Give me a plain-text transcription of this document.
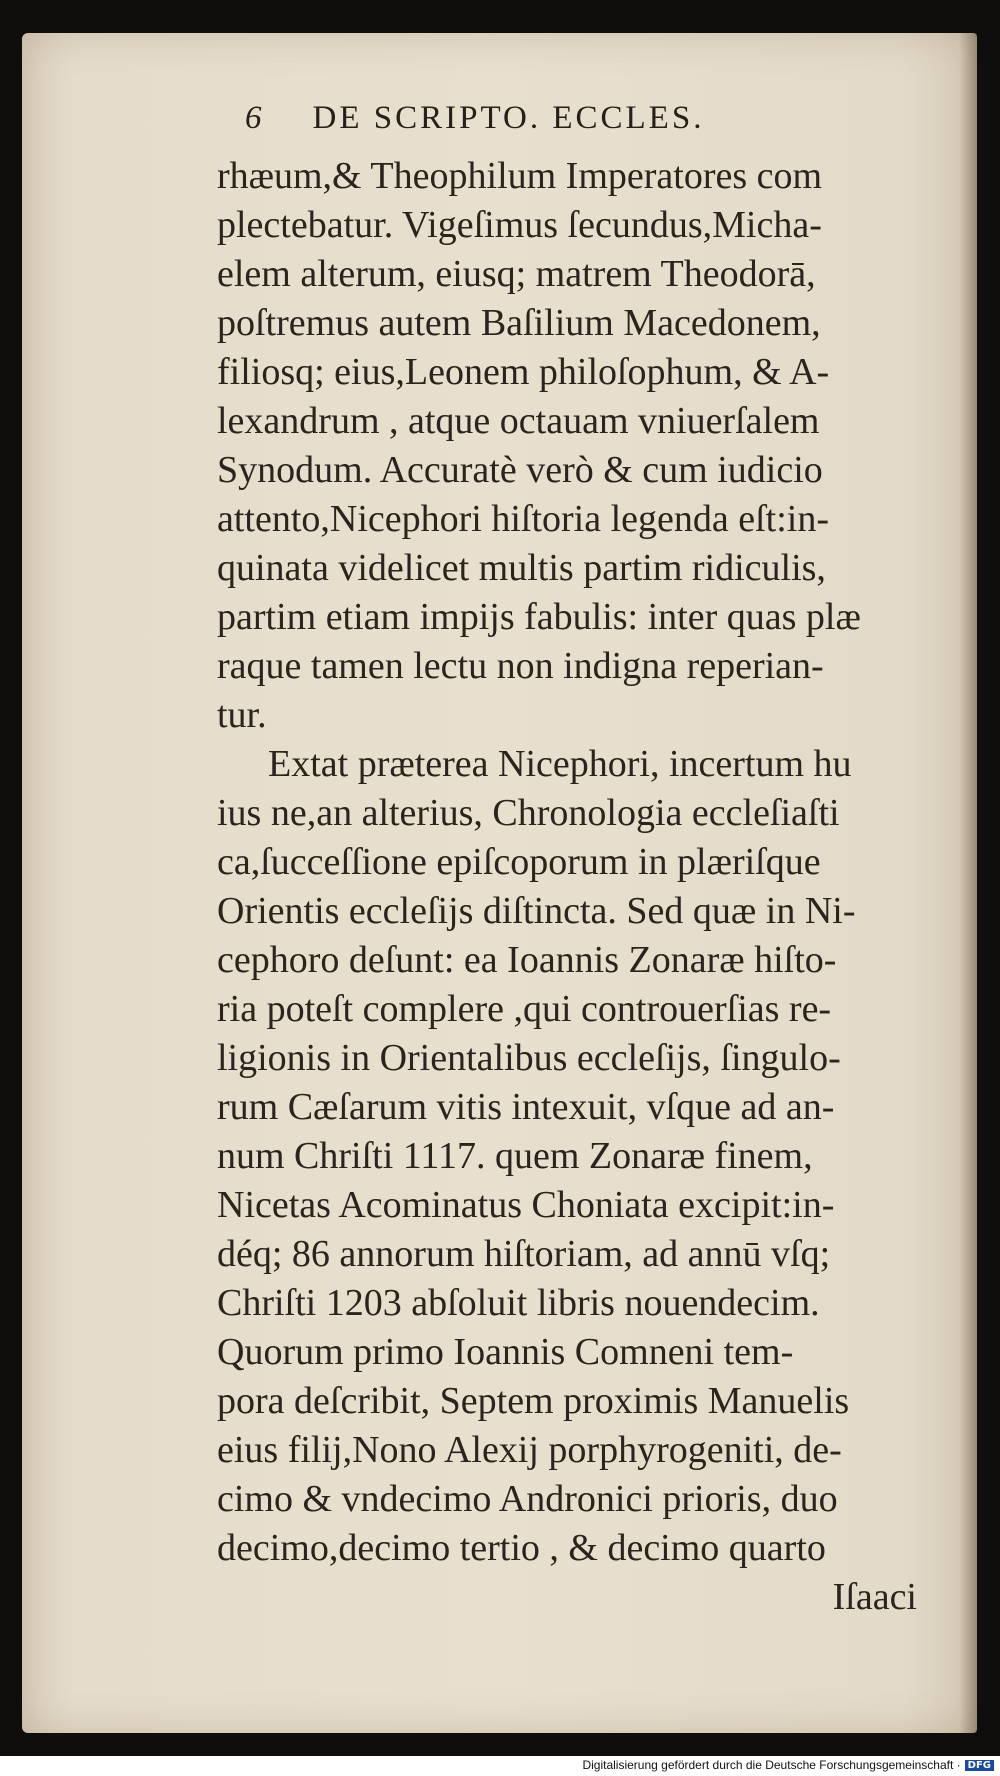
6 DE SCRIPTO. ECCLES.
rhæum,& Theophilum Imperatores com
plectebatur. Vigeſimus ſecundus,Micha-
elem alterum, eiusq; matrem Theodorā,
poſtremus autem Baſilium Macedonem,
filiosq; eius,Leonem philoſophum, & A-
lexandrum , atque octauam vniuerſalem
Synodum. Accuratè verò & cum iudicio
attento,Nicephori hiſtoria legenda eſt:in-
quinata videlicet multis partim ridiculis,
partim etiam impijs fabulis: inter quas plæ
raque tamen lectu non indigna reperian-
tur.
Extat præterea Nicephori, incertum hu
ius ne,an alterius, Chronologia eccleſiaſti
ca,ſucceſſione epiſcoporum in plæriſque
Orientis eccleſijs diſtincta. Sed quæ in Ni-
cephoro deſunt: ea Ioannis Zonaræ hiſto-
ria poteſt complere ,qui controuerſias re-
ligionis in Orientalibus eccleſijs, ſingulo-
rum Cæſarum vitis intexuit, vſque ad an-
num Chriſti 1117. quem Zonaræ finem,
Nicetas Acominatus Choniata excipit:in-
déq; 86 annorum hiſtoriam, ad annū vſq;
Chriſti 1203 abſoluit libris nouendecim.
Quorum primo Ioannis Comneni tem-
pora deſcribit, Septem proximis Manuelis
eius filij,Nono Alexij porphyrogeniti, de-
cimo & vndecimo Andronici prioris, duo
decimo,decimo tertio , & decimo quarto
Iſaaci
Digitalisierung gefördert durch die Deutsche Forschungsgemeinschaft · DFG
